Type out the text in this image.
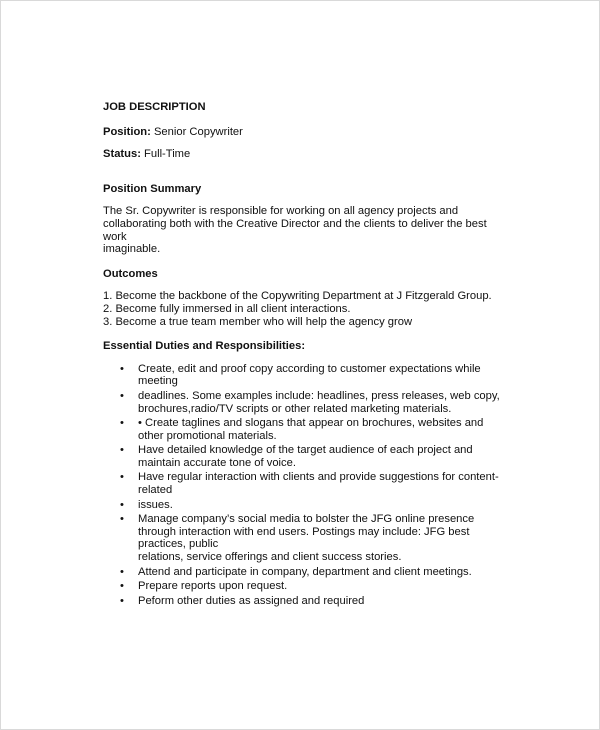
JOB DESCRIPTION
Position: Senior Copywriter
Status: Full-Time
Position Summary
The Sr. Copywriter is responsible for working on all agency projects and
collaborating both with the Creative Director and the clients to deliver the best
work
imaginable.
Outcomes
1. Become the backbone of the Copywriting Department at J Fitzgerald Group.
2. Become fully immersed in all client interactions.
3. Become a true team member who will help the agency grow
Essential Duties and Responsibilities:
• Create, edit and proof copy according to customer expectations while
meeting
• deadlines. Some examples include: headlines, press releases, web copy,
brochures,radio/TV scripts or other related marketing materials.
• • Create taglines and slogans that appear on brochures, websites and
other promotional materials.
• Have detailed knowledge of the target audience of each project and
maintain accurate tone of voice.
• Have regular interaction with clients and provide suggestions for content-
related
• issues.
• Manage company’s social media to bolster the JFG online presence
through interaction with end users. Postings may include: JFG best
practices, public
relations, service offerings and client success stories.
• Attend and participate in company, department and client meetings.
• Prepare reports upon request.
• Peform other duties as assigned and required
